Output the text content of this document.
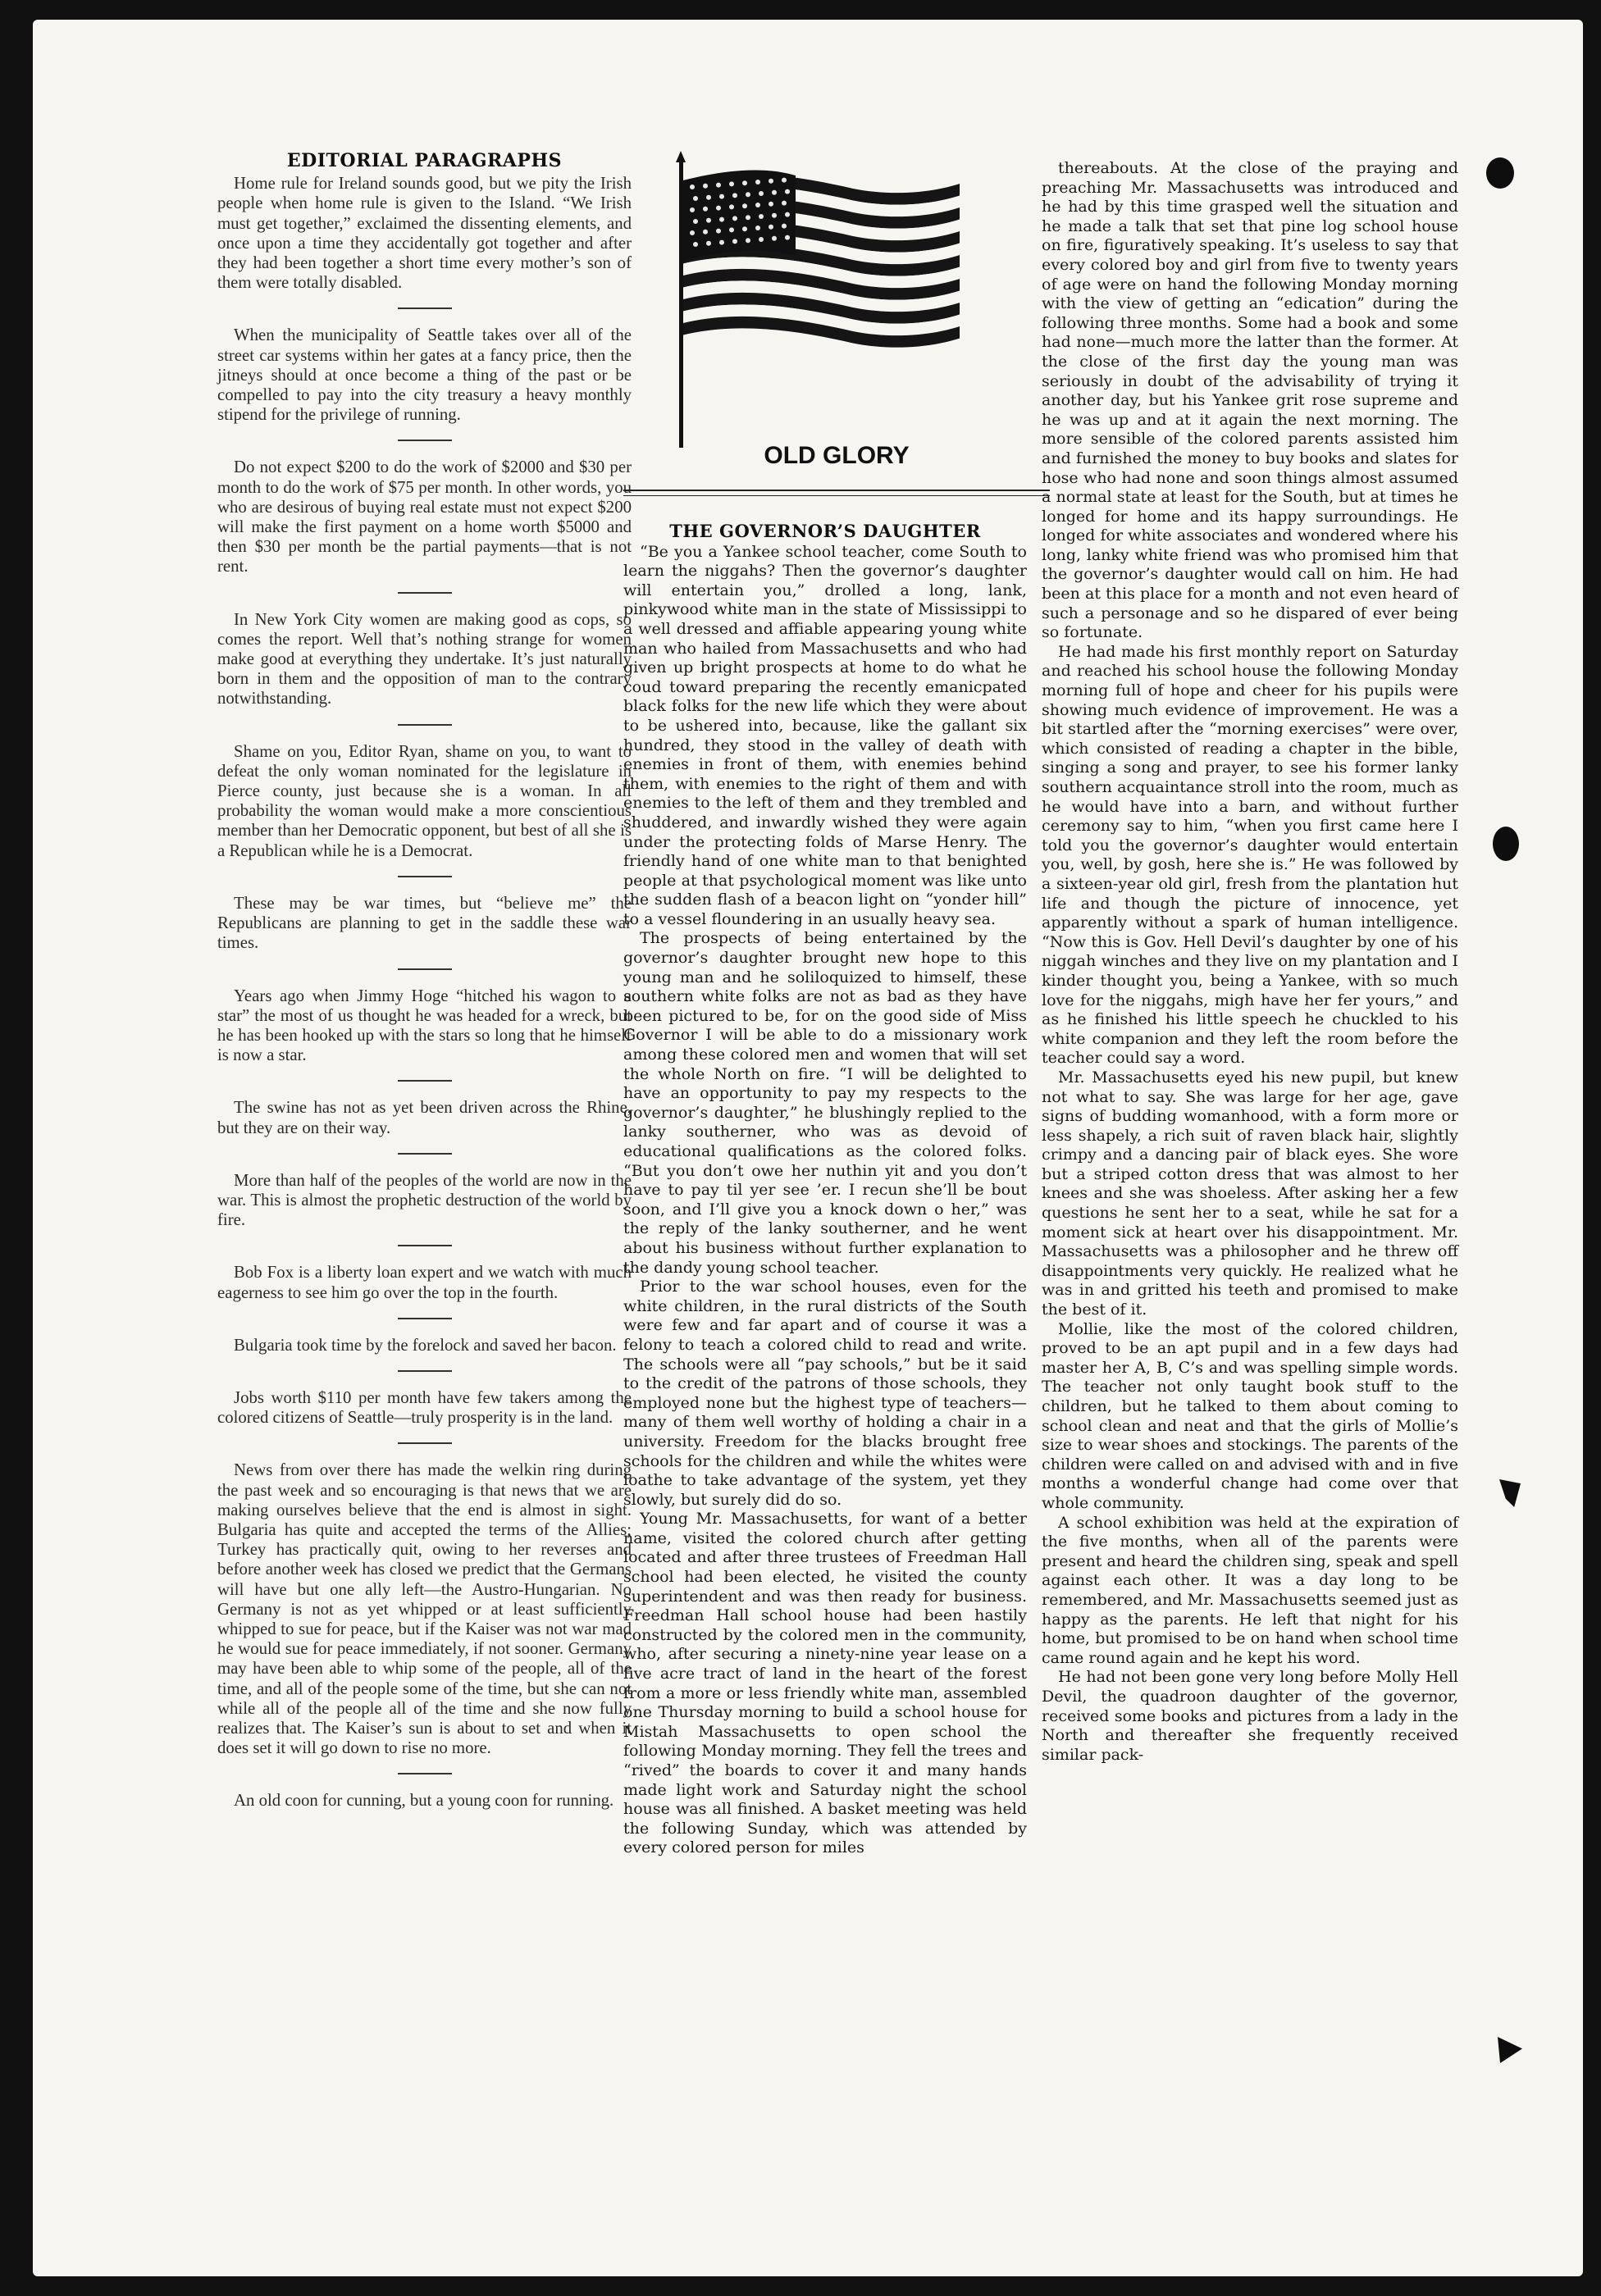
EDITORIAL PARAGRAPHS

Home rule for Ireland sounds good, but we pity the Irish people when home rule is given to the Island. “We Irish must get together,” exclaimed the dissenting elements, and once upon a time they accidentally got together and after they had been together a short time every mother’s son of them were totally disabled.

When the municipality of Seattle takes over all of the street car systems within her gates at a fancy price, then the jitneys should at once become a thing of the past or be compelled to pay into the city treasury a heavy monthly stipend for the privilege of running.

Do not expect $200 to do the work of $2000 and $30 per month to do the work of $75 per month. In other words, you who are desirous of buying real estate must not expect $200 will make the first payment on a home worth $5000 and then $30 per month be the partial payments—that is not rent.

In New York City women are making good as cops, so comes the report. Well that’s nothing strange for women make good at everything they undertake. It’s just naturally born in them and the opposition of man to the contrary notwithstanding.

Shame on you, Editor Ryan, shame on you, to want to defeat the only woman nominated for the legislature in Pierce county, just because she is a woman. In all probability the woman would make a more conscientious member than her Democratic opponent, but best of all she is a Republican while he is a Democrat.

These may be war times, but “believe me” the Republicans are planning to get in the saddle these war times.

Years ago when Jimmy Hoge “hitched his wagon to a star” the most of us thought he was headed for a wreck, but he has been hooked up with the stars so long that he himself is now a star.

The swine has not as yet been driven across the Rhine, but they are on their way.

More than half of the peoples of the world are now in the war. This is almost the prophetic destruction of the world by fire.

Bob Fox is a liberty loan expert and we watch with much eagerness to see him go over the top in the fourth.

Bulgaria took time by the forelock and saved her bacon.

Jobs worth $110 per month have few takers among the colored citizens of Seattle—truly prosperity is in the land.

News from over there has made the welkin ring during the past week and so encouraging is that news that we are making ourselves believe that the end is almost in sight. Bulgaria has quite and accepted the terms of the Allies; Turkey has practically quit, owing to her reverses and before another week has closed we predict that the Germans will have but one ally left—the Austro-Hungarian. No Germany is not as yet whipped or at least sufficiently whipped to sue for peace, but if the Kaiser was not war mad he would sue for peace immediately, if not sooner. Germany may have been able to whip some of the people, all of the time, and all of the people some of the time, but she can not while all of the people all of the time and she now fully realizes that. The Kaiser’s sun is about to set and when it does set it will go down to rise no more.

An old coon for cunning, but a young coon for running.

OLD GLORY
THE GOVERNOR’S DAUGHTER

“Be you a Yankee school teacher, come South to learn the niggahs? Then the governor’s daughter will entertain you,” drolled a long, lank, pinkywood white man in the state of Mississippi to a well dressed and affiable appearing young white man who hailed from Massachusetts and who had given up bright prospects at home to do what he coud toward preparing the recently emanicpated black folks for the new life which they were about to be ushered into, because, like the gallant six hundred, they stood in the valley of death with enemies in front of them, with enemies behind them, with enemies to the right of them and with enemies to the left of them and they trembled and shuddered, and inwardly wished they were again under the protecting folds of Marse Henry. The friendly hand of one white man to that benighted people at that psychological moment was like unto the sudden flash of a beacon light on “yonder hill” to a vessel floundering in an usually heavy sea.

The prospects of being entertained by the governor’s daughter brought new hope to this young man and he soliloquized to himself, these southern white folks are not as bad as they have been pictured to be, for on the good side of Miss Governor I will be able to do a missionary work among these colored men and women that will set the whole North on fire. “I will be delighted to have an opportunity to pay my respects to the governor’s daughter,” he blushingly replied to the lanky southerner, who was as devoid of educational qualifications as the colored folks. “But you don’t owe her nuthin yit and you don’t have to pay til yer see ’er. I recun she’ll be bout soon, and I’ll give you a knock down o her,” was the reply of the lanky southerner, and he went about his business without further explanation to the dandy young school teacher.

Prior to the war school houses, even for the white children, in the rural districts of the South were few and far apart and of course it was a felony to teach a colored child to read and write. The schools were all “pay schools,” but be it said to the credit of the patrons of those schools, they employed none but the highest type of teachers—many of them well worthy of holding a chair in a university. Freedom for the blacks brought free schools for the children and while the whites were loathe to take advantage of the system, yet they slowly, but surely did do so.

Young Mr. Massachusetts, for want of a better name, visited the colored church after getting located and after three trustees of Freedman Hall school had been elected, he visited the county superintendent and was then ready for business. Freedman Hall school house had been hastily constructed by the colored men in the community, who, after securing a ninety-nine year lease on a five acre tract of land in the heart of the forest from a more or less friendly white man, assembled one Thursday morning to build a school house for Mistah Massachusetts to open school the following Monday morning. They fell the trees and “rived” the boards to cover it and many hands made light work and Saturday night the school house was all finished. A basket meeting was held the following Sunday, which was attended by every colored person for miles

thereabouts. At the close of the praying and preaching Mr. Massachusetts was introduced and he had by this time grasped well the situation and he made a talk that set that pine log school house on fire, figuratively speaking. It’s useless to say that every colored boy and girl from five to twenty years of age were on hand the following Monday morning with the view of getting an “edication” during the following three months. Some had a book and some had none—much more the latter than the former. At the close of the first day the young man was seriously in doubt of the advisability of trying it another day, but his Yankee grit rose supreme and he was up and at it again the next morning. The more sensible of the colored parents assisted him and furnished the money to buy books and slates for hose who had none and soon things almost assumed a normal state at least for the South, but at times he longed for home and its happy surroundings. He longed for white associates and wondered where his long, lanky white friend was who promised him that the governor’s daughter would call on him. He had been at this place for a month and not even heard of such a personage and so he dispared of ever being so fortunate.

He had made his first monthly report on Saturday and reached his school house the following Monday morning full of hope and cheer for his pupils were showing much evidence of improvement. He was a bit startled after the “morning exercises” were over, which consisted of reading a chapter in the bible, singing a song and prayer, to see his former lanky southern acquaintance stroll into the room, much as he would have into a barn, and without further ceremony say to him, “when you first came here I told you the governor’s daughter would entertain you, well, by gosh, here she is.” He was followed by a sixteen-year old girl, fresh from the plantation hut life and though the picture of innocence, yet apparently without a spark of human intelligence. “Now this is Gov. Hell Devil’s daughter by one of his niggah winches and they live on my plantation and I kinder thought you, being a Yankee, with so much love for the niggahs, migh have her fer yours,” and as he finished his little speech he chuckled to his white companion and they left the room before the teacher could say a word.

Mr. Massachusetts eyed his new pupil, but knew not what to say. She was large for her age, gave signs of budding womanhood, with a form more or less shapely, a rich suit of raven black hair, slightly crimpy and a dancing pair of black eyes. She wore but a striped cotton dress that was almost to her knees and she was shoeless. After asking her a few questions he sent her to a seat, while he sat for a moment sick at heart over his disappointment. Mr. Massachusetts was a philosopher and he threw off disappointments very quickly. He realized what he was in and gritted his teeth and promised to make the best of it.

Mollie, like the most of the colored children, proved to be an apt pupil and in a few days had master her A, B, C’s and was spelling simple words. The teacher not only taught book stuff to the children, but he talked to them about coming to school clean and neat and that the girls of Mollie’s size to wear shoes and stockings. The parents of the children were called on and advised with and in five months a wonderful change had come over that whole community.

A school exhibition was held at the expiration of the five months, when all of the parents were present and heard the children sing, speak and spell against each other. It was a day long to be remembered, and Mr. Massachusetts seemed just as happy as the parents. He left that night for his home, but promised to be on hand when school time came round again and he kept his word.

He had not been gone very long before Molly Hell Devil, the quadroon daughter of the governor, received some books and pictures from a lady in the North and thereafter she frequently received similar pack-
